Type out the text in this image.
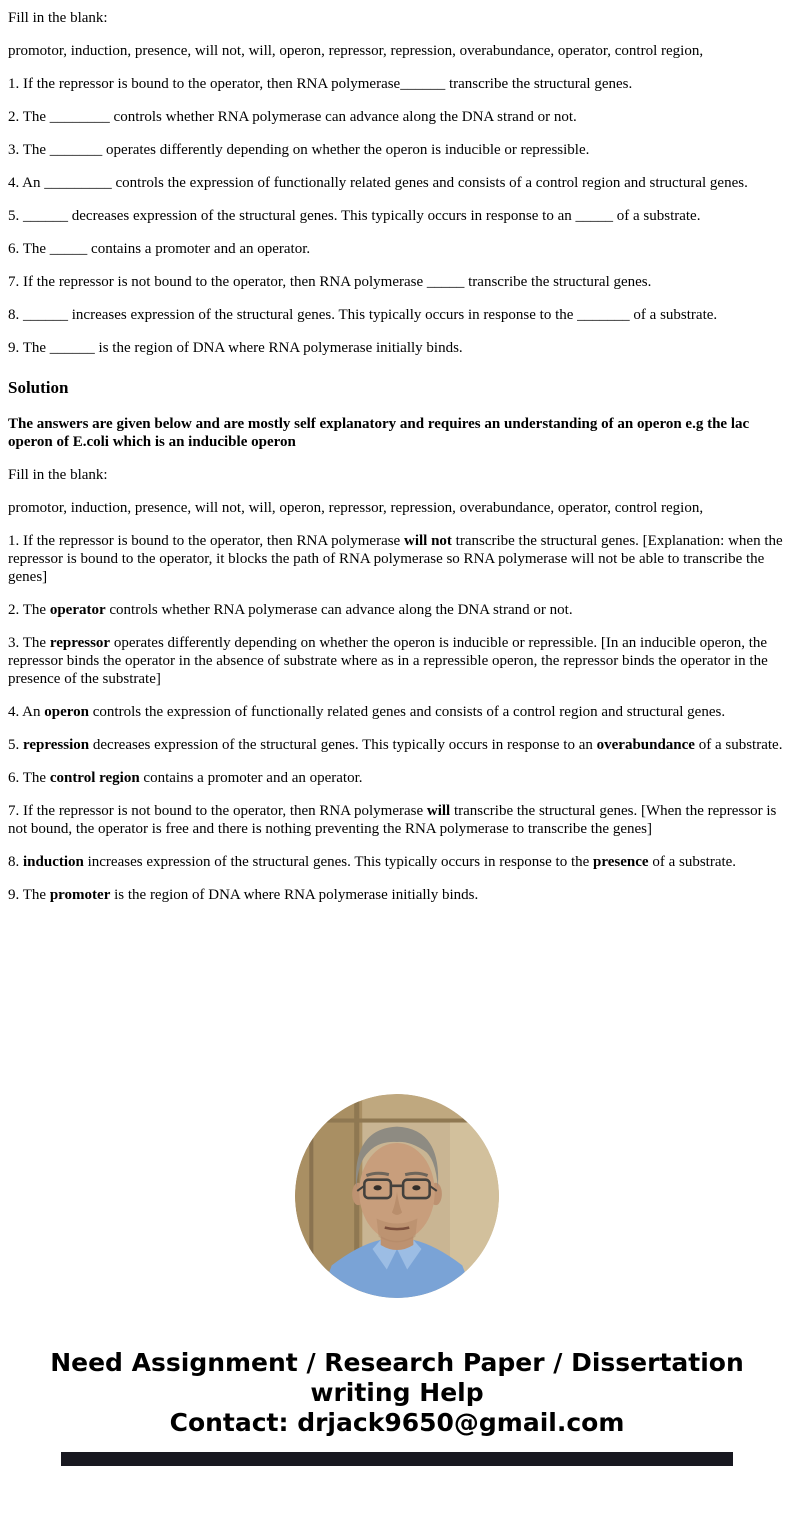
Fill in the blank:

promotor, induction, presence, will not, will, operon, repressor, repression, overabundance, operator, control region,

1. If the repressor is bound to the operator, then RNA polymerase______ transcribe the structural genes.

2. The ________ controls whether RNA polymerase can advance along the DNA strand or not.

3. The _______ operates differently depending on whether the operon is inducible or repressible.

4. An _________ controls the expression of functionally related genes and consists of a control region and structural genes.

5. ______ decreases expression of the structural genes. This typically occurs in response to an _____ of a substrate.

6. The _____ contains a promoter and an operator.

7. If the repressor is not bound to the operator, then RNA polymerase _____ transcribe the structural genes.

8. ______ increases expression of the structural genes. This typically occurs in response to the _______ of a substrate.

9. The ______ is the region of DNA where RNA polymerase initially binds.

Solution

The answers are given below and are mostly self explanatory and requires an understanding of an operon e.g the lac operon of E.coli which is an inducible operon

Fill in the blank:

promotor, induction, presence, will not, will, operon, repressor, repression, overabundance, operator, control region,

1. If the repressor is bound to the operator, then RNA polymerase will not transcribe the structural genes. [Explanation: when the repressor is bound to the operator, it blocks the path of RNA polymerase so RNA polymerase will not be able to transcribe the genes]

2. The operator controls whether RNA polymerase can advance along the DNA strand or not.

3. The repressor operates differently depending on whether the operon is inducible or repressible. [In an inducible operon, the repressor binds the operator in the absence of substrate where as in a repressible operon, the repressor binds the operator in the presence of the substrate]

4. An operon controls the expression of functionally related genes and consists of a control region and structural genes.

5. repression decreases expression of the structural genes. This typically occurs in response to an overabundance of a substrate.

6. The control region contains a promoter and an operator.

7. If the repressor is not bound to the operator, then RNA polymerase will transcribe the structural genes. [When the repressor is not bound, the operator is free and there is nothing preventing the RNA polymerase to transcribe the genes]

8. induction increases expression of the structural genes. This typically occurs in response to the presence of a substrate.

9. The promoter is the region of DNA where RNA polymerase initially binds.

Need Assignment / Research Paper / Dissertation writing Help
Contact: drjack9650@gmail.com
